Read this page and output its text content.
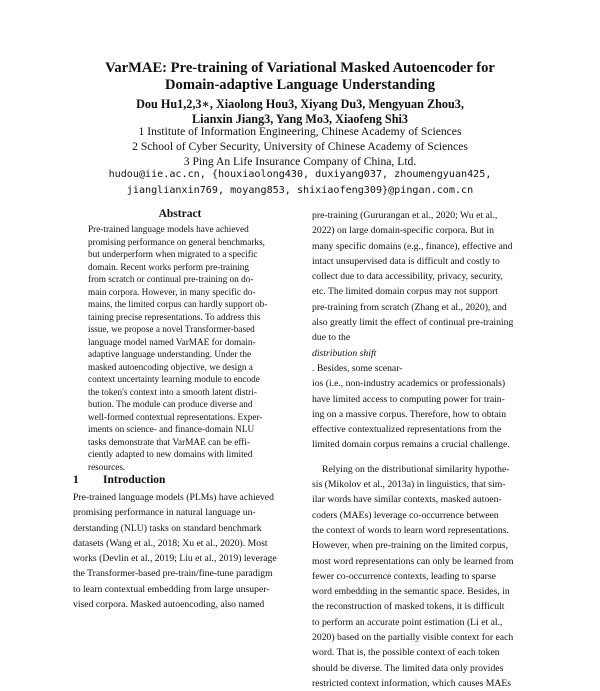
VarMAE: Pre-training of Variational Masked Autoencoder for
Domain-adaptive Language Understanding
Dou Hu1,2,3∗, Xiaolong Hou3, Xiyang Du3, Mengyuan Zhou3,
Lianxin Jiang3, Yang Mo3, Xiaofeng Shi3
1 Institute of Information Engineering, Chinese Academy of Sciences
2 School of Cyber Security, University of Chinese Academy of Sciences
3 Ping An Life Insurance Company of China, Ltd.
hudou@iie.ac.cn, {houxiaolong430, duxiyang037, zhoumengyuan425,
jianglianxin769, moyang853, shixiaofeng309}@pingan.com.cn
Abstract
Pre-trained language models have achieved
promising performance on general benchmarks,
but underperform when migrated to a specific
domain. Recent works perform pre-training
from scratch or continual pre-training on do-
main corpora. However, in many specific do-
mains, the limited corpus can hardly support ob-
taining precise representations. To address this
issue, we propose a novel Transformer-based
language model named VarMAE for domain-
adaptive language understanding. Under the
masked autoencoding objective, we design a
context uncertainty learning module to encode
the token's context into a smooth latent distri-
bution. The module can produce diverse and
well-formed contextual representations. Exper-
iments on science- and finance-domain NLU
tasks demonstrate that VarMAE can be effi-
ciently adapted to new domains with limited
resources.
1 Introduction
Pre-trained language models (PLMs) have achieved
promising performance in natural language un-
derstanding (NLU) tasks on standard benchmark
datasets (Wang et al., 2018; Xu et al., 2020). Most
works (Devlin et al., 2019; Liu et al., 2019) leverage
the Transformer-based pre-train/fine-tune paradigm
to learn contextual embedding from large unsuper-
vised corpora. Masked autoencoding, also named
pre-training (Gururangan et al., 2020; Wu et al.,
2022) on large domain-specific corpora. But in
many specific domains (e.g., finance), effective and
intact unsupervised data is difficult and costly to
collect due to data accessibility, privacy, security,
etc. The limited domain corpus may not support
pre-training from scratch (Zhang et al., 2020), and
also greatly limit the effect of continual pre-training
due to the
distribution shift
. Besides, some scenar-
ios (i.e., non-industry academics or professionals)
have limited access to computing power for train-
ing on a massive corpus. Therefore, how to obtain
effective contextualized representations from the
limited domain corpus remains a crucial challenge.
Relying on the distributional similarity hypothe-
sis (Mikolov et al., 2013a) in linguistics, that sim-
ilar words have similar contexts, masked autoen-
coders (MAEs) leverage co-occurrence between
the context of words to learn word representations.
However, when pre-training on the limited corpus,
most word representations can only be learned from
fewer co-occurrence contexts, leading to sparse
word embedding in the semantic space. Besides, in
the reconstruction of masked tokens, it is difficult
to perform an accurate point estimation (Li et al.,
2020) based on the partially visible context for each
word. That is, the possible context of each token
should be diverse. The limited data only provides
restricted context information, which causes MAEs
